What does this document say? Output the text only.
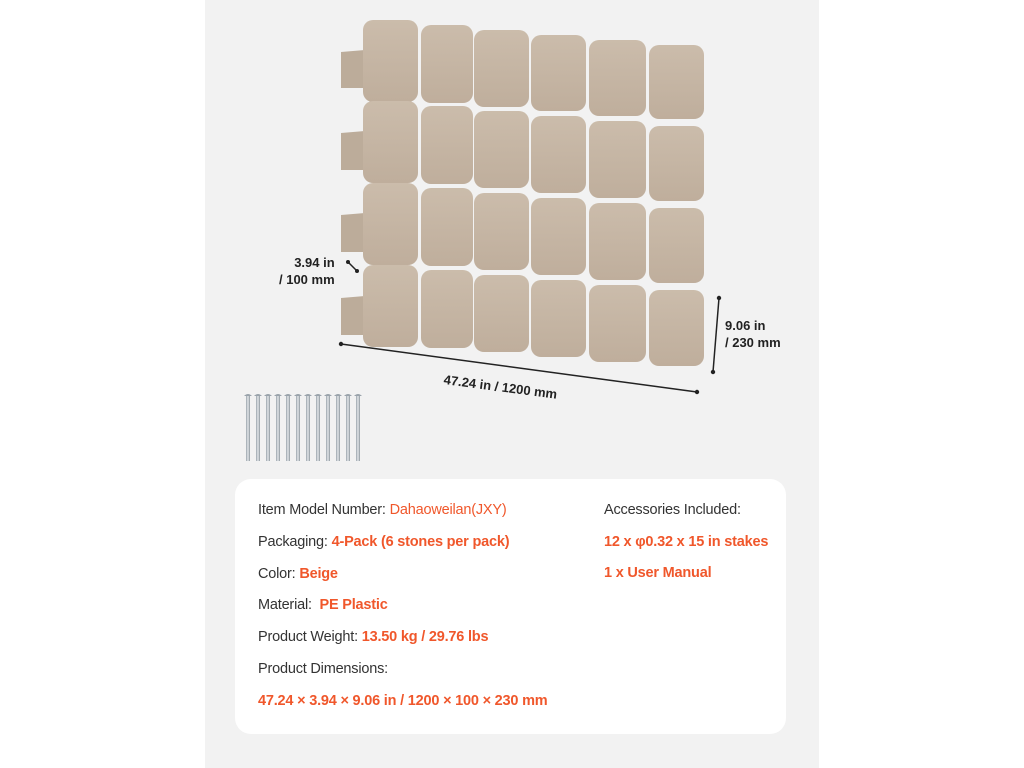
3.94 in
/ 100 mm
9.06 in
/ 230 mm
47.24 in / 1200 mm
Item Model Number: Dahaoweilan(JXY)
Packaging: 4-Pack (6 stones per pack)
Color: Beige
Material:  PE Plastic
Product Weight: 13.50 kg / 29.76 lbs
Product Dimensions:
47.24 × 3.94 × 9.06 in / 1200 × 100 × 230 mm
Accessories Included:
12 x φ0.32 x 15 in stakes
1 x User Manual
